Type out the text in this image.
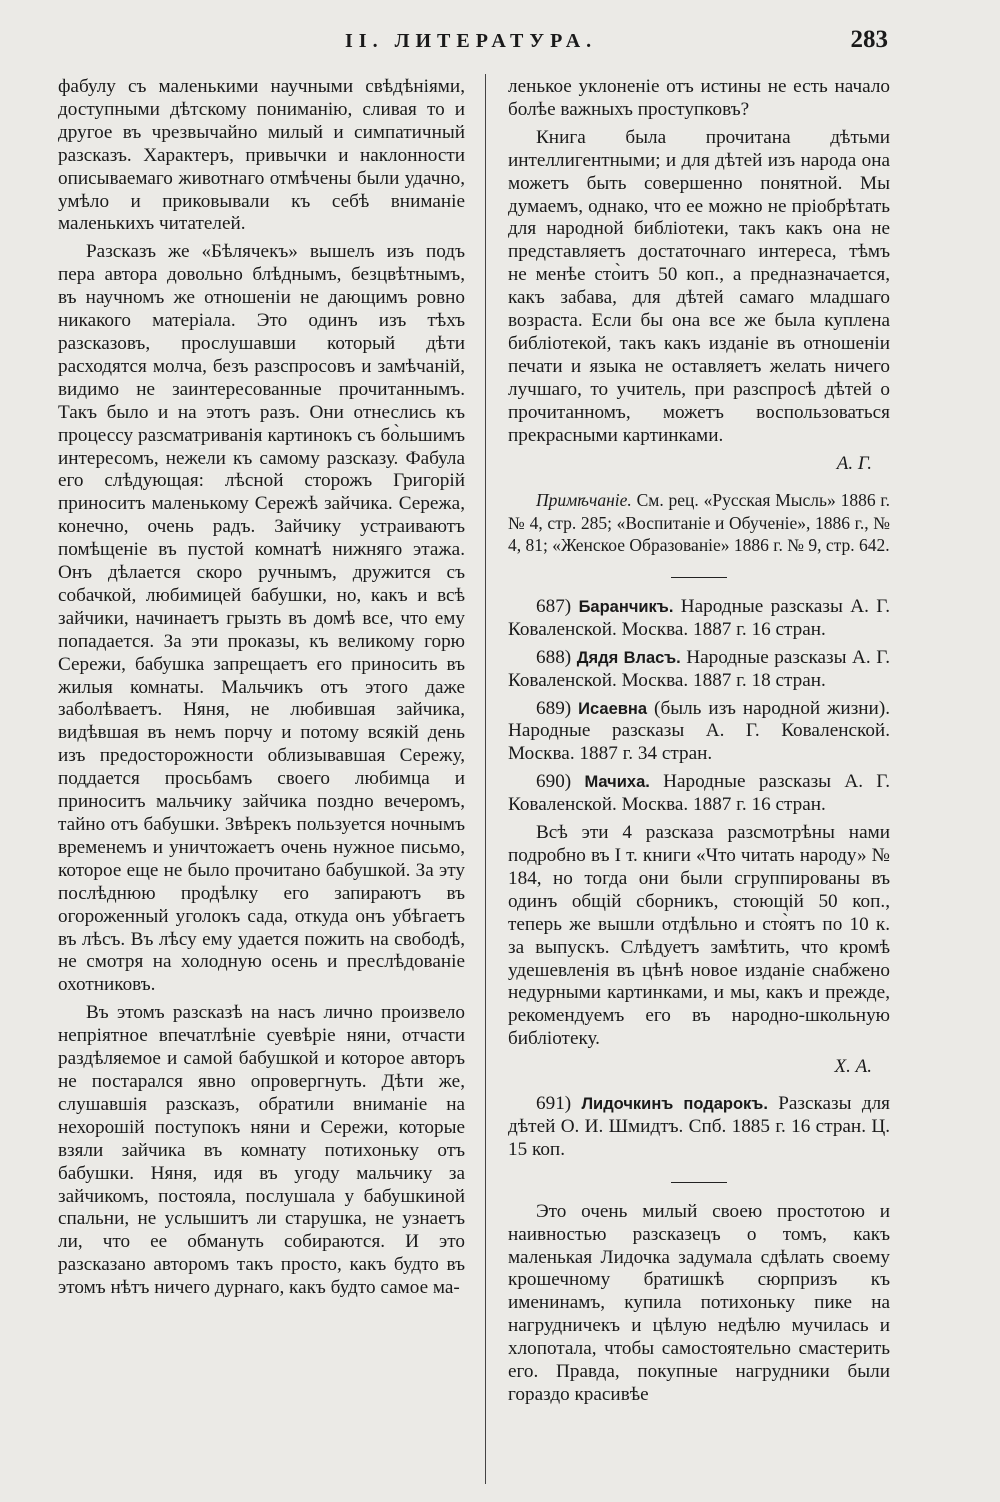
II. ЛИТЕРАТУРА.	283

фабулу съ маленькими научными свѣдѣніями, доступными дѣтскому пониманію, сливая то и другое въ чрезвычайно милый и симпатичный разсказъ. Характеръ, привычки и наклонности описываемаго животнаго отмѣчены были удачно, умѣло и приковывали къ себѣ вниманіе маленькихъ читателей.

Разсказъ же «Бѣлячекъ» вышелъ изъ подъ пера автора довольно блѣднымъ, безцвѣтнымъ, въ научномъ же отношеніи не дающимъ ровно никакого матеріала. Это одинъ изъ тѣхъ разсказовъ, прослушавши который дѣти расходятся молча, безъ разспросовъ и замѣчаній, видимо не заинтересованные прочитаннымъ. Такъ было и на этотъ разъ. Они отнеслись къ процессу разсматриванія картинокъ съ бо̀льшимъ интересомъ, нежели къ самому разсказу. Фабула его слѣдующая: лѣсной сторожъ Григорій приноситъ маленькому Сережѣ зайчика. Сережа, конечно, очень радъ. Зайчику устраиваютъ помѣщеніе въ пустой комнатѣ нижняго этажа. Онъ дѣлается скоро ручнымъ, дружится съ собачкой, любимицей бабушки, но, какъ и всѣ зайчики, начинаетъ грызть въ домѣ все, что ему попадается. За эти проказы, къ великому горю Сережи, бабушка запрещаетъ его приносить въ жилыя комнаты. Мальчикъ отъ этого даже заболѣваетъ. Няня, не любившая зайчика, видѣвшая въ немъ порчу и потому всякій день изъ предосторожности облизывавшая Сережу, поддается просьбамъ своего любимца и приноситъ мальчику зайчика поздно вечеромъ, тайно отъ бабушки. Звѣрекъ пользуется ночнымъ временемъ и уничтожаетъ очень нужное письмо, которое еще не было прочитано бабушкой. За эту послѣднюю продѣлку его запираютъ въ огороженный уголокъ сада, откуда онъ убѣгаетъ въ лѣсъ. Въ лѣсу ему удается пожить на свободѣ, не смотря на холодную осень и преслѣдованіе охотниковъ.

Въ этомъ разсказѣ на насъ лично произвело непріятное впечатлѣніе суевѣріе няни, отчасти раздѣляемое и самой бабушкой и которое авторъ не постарался явно опровергнуть. Дѣти же, слушавшія разсказъ, обратили вниманіе на нехорошій поступокъ няни и Сережи, которые взяли зайчика въ комнату потихоньку отъ бабушки. Няня, идя въ угоду мальчику за зайчикомъ, постояла, послушала у бабушкиной спальни, не услышитъ ли старушка, не узнаетъ ли, что ее обмануть собираются. И это разсказано авторомъ такъ просто, какъ будто въ этомъ нѣтъ ничего дурнаго, какъ будто самое ма-

ленькое уклоненіе отъ истины не есть начало болѣе важныхъ проступковъ?

Книга была прочитана дѣтьми интеллигентными; и для дѣтей изъ народа она можетъ быть совершенно понятной. Мы думаемъ, однако, что ее можно не пріобрѣтать для народной библіотеки, такъ какъ она не представляетъ достаточнаго интереса, тѣмъ не менѣе сто̀итъ 50 коп., а предназначается, какъ забава, для дѣтей самаго младшаго возраста. Если бы она все же была куплена библіотекой, такъ какъ изданіе въ отношеніи печати и языка не оставляетъ желать ничего лучшаго, то учитель, при разспросѣ дѣтей о прочитанномъ, можетъ воспользоваться прекрасными картинками.

А. Г.

Примѣчаніе. См. рец. «Русская Мысль» 1886 г. № 4, стр. 285; «Воспитаніе и Обученіе», 1886 г., № 4, 81; «Женское Образованіе» 1886 г. № 9, стр. 642.

687) Баранчикъ. Народные разсказы А. Г. Коваленской. Москва. 1887 г. 16 стран.

688) Дядя Власъ. Народные разсказы А. Г. Коваленской. Москва. 1887 г. 18 стран.

689) Исаевна (быль изъ народной жизни). Народные разсказы А. Г. Коваленской. Москва. 1887 г. 34 стран.

690) Мачиха. Народные разсказы А. Г. Коваленской. Москва. 1887 г. 16 стран.

Всѣ эти 4 разсказа разсмотрѣны нами подробно въ I т. книги «Что читать народу» № 184, но тогда они были сгруппированы въ одинъ общій сборникъ, стоющій 50 коп., теперь же вышли отдѣльно и сто̀ятъ по 10 к. за выпускъ. Слѣдуетъ замѣтить, что кромѣ удешевленія въ цѣнѣ новое изданіе снабжено недурными картинками, и мы, какъ и прежде, рекомендуемъ его въ народно-школьную библіотеку.

Х. А.

691) Лидочкинъ подарокъ. Разсказы для дѣтей О. И. Шмидтъ. Спб. 1885 г. 16 стран. Ц. 15 коп.

Это очень милый своею простотою и наивностью разсказецъ о томъ, какъ маленькая Лидочка задумала сдѣлать своему крошечному братишкѣ сюрпризъ къ именинамъ, купила потихоньку пике на нагрудничекъ и цѣлую недѣлю мучилась и хлопотала, чтобы самостоятельно смастерить его. Правда, покупные нагрудники были гораздо красивѣе
